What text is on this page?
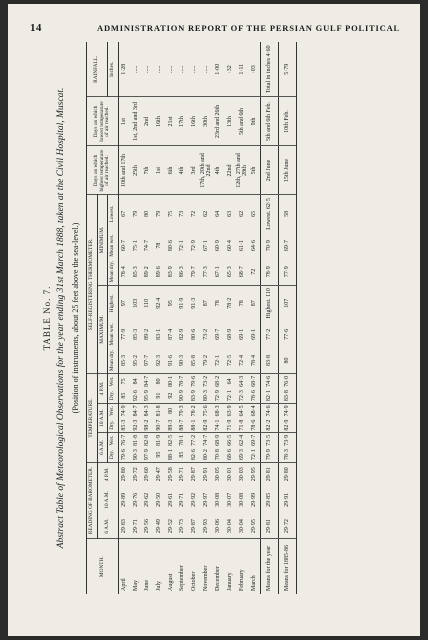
14	ADMINISTRATION REPORT OF THE PERSIAN GULF POLITICAL
TABLE No. 7. Abstract Table of Meteorological Observations for the year ending 31st March 1888, taken at the Civil Hospital, Muscat. (Position of instruments, about 25 feet above the sea-level.)
MONTH.	READING OF BAROMETER.			TEMPERATURE.						SELF-REGISTERING THERMOMETER.						Days on which highest temperature of air reached.	Days on which lowest temperature of air reached.	RAINFALL.
	6 A.M.	10 A.M.	4 P.M.	6 A.M.		10 A.M.		4 P.M.		MAXIMUM.			MINIMUM.					
				Dry.	Wet.	Dry.	Wet.	Dry.	Wet.	Mean dry.	Mean wet.	Highest.	Mean dry.	Mean wet.	Lowest.			Inches.
April	29·83	29·89	29·80	79·6	76·7	85·3	74·9	85	75	85·3	77·9	97	78·4	60·7	67	10th and 17th	1st	1·28
May	29·71	29·76	29·72	90·3	81·8	92·3	84·7	92·6	84	95·2	85·3	103	85·3	75·1	79	25th	1st, 2nd and 3rd	.....
June	29·56	29·62	29·60	97·9	82·8	98·2	84·3	95·9	84·7	97·7	89·2	110	89·2	74·7	80	7th	2nd	.....
July	29·49	29·50	29·47	95	81·9	90·7	81·8	91	80	92·3	83·1	92·4	89·6	78	79	1st	16th	.....
August	29·52	29·61	29·58	88·1	82·5	89·3	80	92	80·1	91·6	87·4	95	83·9	80·6	75	6th	21st	.....
September	29·73	29·71	29·71	85	78·1	88·7	79·3	90·9	78·7	90·3	82·9	91·9	86·3	72·1	73	4th	17th	.....
October	29·87	29·92	29·87	82·6	77·2	88·1	78·2	83·9	79·6	85·8	80·6	91·3	79·7	72·9	72	3rd	16th	.....
November	29·93	29·97	29·91	80·2	74·7	82·9	75·6	80·3	73·2	79·2	73·2	87	77·3	67·1	62	17th, 20th and 22nd	30th	.....
December	30·06	30·08	30·05	70·8	68·9	74·1	68·3	72·9	68·2	72·1	69·7	78	67·1	60·9	64	4th	23rd and 26th	1·00
January	30·04	30·07	30·01	68·6	66·5	71·9	63·9	72·1	64	72·5	68·9	78·2	65·3	60·4	63	22nd	13th	·32
February	30·04	30·08	30·03	69·3	62·4	71·8	64·5	72·3	64·3	72·4	69·1	78	68·7	61·1	62	12th, 27th and 28th	5th and 6th	1·11
March	29·95	29·99	29·95	72·1	69·7	78·6	68·4	78·6	68·7	78·4	69·1	87	72	64·6	65	5th	9th	·03
Means for the year	29·81	29·85	29·81	79·9	73·5	82·2	74·6	82·1	74·6	83·8	77·2	Highest. 110	78·9	70·9	Lowest. 62·5	2nd June	5th and 6th Feb.	Total in inches 4·60
Means for 1885-86	29·72	29·91	29·80	78·3	73·9	82·9	74·9	83·8	76·0	80	77·6	107	77·9	69·7	58	15th June	10th Feb.	5·79
